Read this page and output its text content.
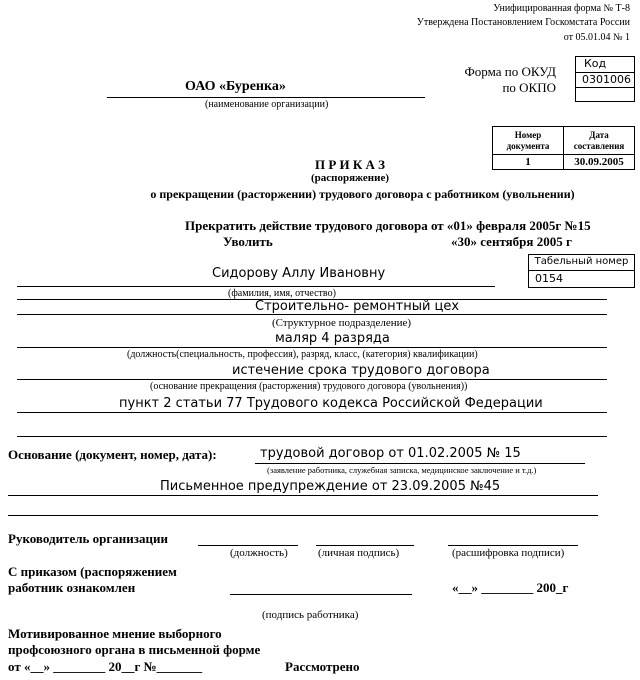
Унифицированная форма № Т-8
Утверждена Постановлением Госкомстата России
от 05.01.04 № 1
Форма по ОКУД
по ОКПО
Код
0301006
ОАО «Буренка»
(наименование организации)
Номер документа	Дата составления
1	30.09.2005
П Р И К А З
(распоряжение)
о прекращении (расторжении) трудового договора с работником (увольнении)
Прекратить действие трудового договора от «01» февраля 2005г №15
Уволить	«30» сентября 2005 г
Табельный номер
0154
Сидорову Аллу Ивановну
(фамилия, имя, отчество)
Строительно- ремонтный цех
(Структурное подразделение)
маляр 4 разряда
(должность(специальность, профессия), разряд, класс, (категория) квалификации)
истечение срока трудового договора
(основание прекращения (расторжения) трудового договора (увольнения))
пункт 2 статьи 77 Трудового кодекса Российской Федерации
Основание (документ, номер, дата):	трудовой договор от 01.02.2005 № 15
(заявление работника, служебная записка, медицинское заключение и т.д.)
Письменное предупреждение от 23.09.2005 №45
Руководитель организации
(должность)	(личная подпись)	(расшифровка подписи)
С приказом (распоряжением
работник ознакомлен	«__» ________ 200_г
(подпись работника)
Мотивированное мнение выборного
профсоюзного органа в письменной форме
от «__» ________ 20__г №_______	Рассмотрено
